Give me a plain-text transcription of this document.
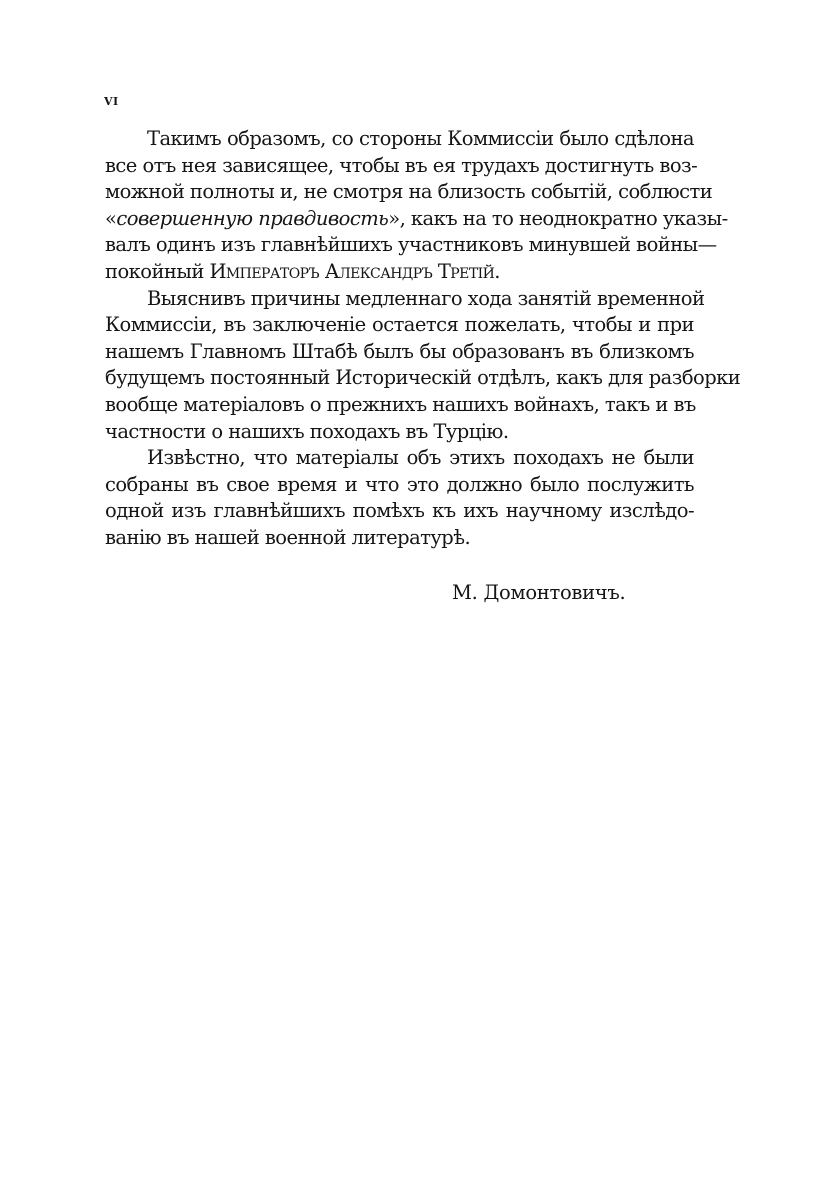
VI

Такимъ образомъ, со стороны Коммиссіи было сдѣлона
все отъ нея зависящее, чтобы въ ея трудахъ достигнуть воз-
можной полноты и, не смотря на близость событій, соблюсти
«совершенную правдивость», какъ на то неоднократно указы-
валъ одинъ изъ главнѣйшихъ участниковъ минувшей войны—
покойный Императоръ Александръ Третій.

Выяснивъ причины медленнаго хода занятій временной
Коммиссіи, въ заключеніе остается пожелать, чтобы и при
нашемъ Главномъ Штабѣ былъ бы образованъ въ близкомъ
будущемъ постоянный Историческій отдѣлъ, какъ для разборки
вообще матеріаловъ о прежнихъ нашихъ войнахъ, такъ и въ
частности о нашихъ походахъ въ Турцію.

Извѣстно, что матеріалы объ этихъ походахъ не были
собраны въ свое время и что это должно было послужить
одной изъ главнѣйшихъ помѣхъ къ ихъ научному изслѣдо-
ванію въ нашей военной литературѣ.

М. Домонтовичъ.
